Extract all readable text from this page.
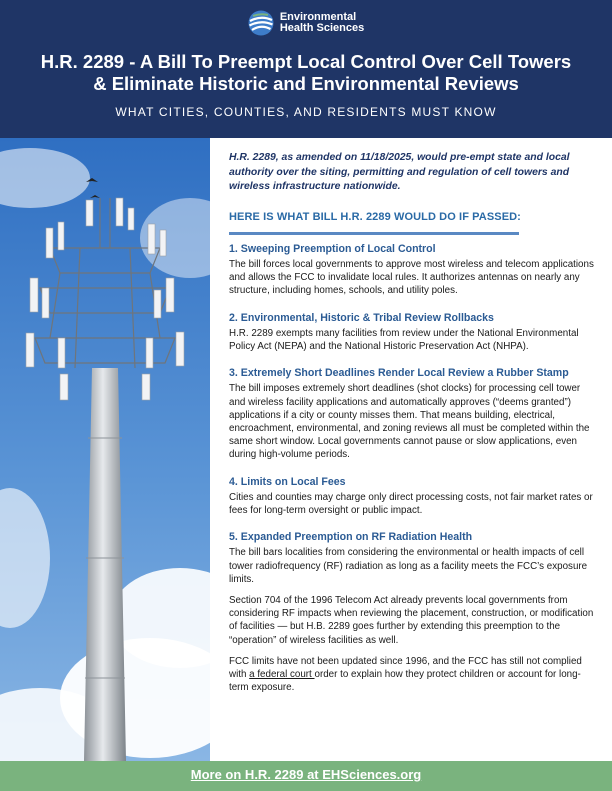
Environmental
Health Sciences
H.R. 2289 - A Bill To Preempt Local Control Over Cell Towers
& Eliminate Historic and Environmental Reviews
WHAT CITIES, COUNTIES, AND RESIDENTS MUST KNOW

H.R. 2289, as amended on 11/18/2025, would pre-empt state and local authority over the siting, permitting and regulation of cell towers and wireless infrastructure nationwide.

HERE IS WHAT BILL H.R. 2289 WOULD DO IF PASSED:
1. Sweeping Preemption of Local Control

The bill forces local governments to approve most wireless and telecom applications and allows the FCC to invalidate local rules. It authorizes antennas on nearly any structure, including homes, schools, and utility poles.

2. Environmental, Historic & Tribal Review Rollbacks

H.R. 2289 exempts many facilities from review under the National Environmental Policy Act (NEPA) and the National Historic Preservation Act (NHPA).

3. Extremely Short Deadlines Render Local Review a Rubber Stamp

The bill imposes extremely short deadlines (shot clocks) for processing cell tower and wireless facility applications and automatically approves (“deems granted”) applications if a city or county misses them. That means building, electrical, encroachment, environmental, and zoning reviews all must be completed within the same short window. Local governments cannot pause or slow applications, even during high-volume periods.

4. Limits on Local Fees

Cities and counties may charge only direct processing costs, not fair market rates or fees for long-term oversight or public impact.

5. Expanded Preemption on RF Radiation Health

The bill bars localities from considering the environmental or health impacts of cell tower radiofrequency (RF) radiation as long as a facility meets the FCC’s exposure limits.

Section 704 of the 1996 Telecom Act already prevents local governments from considering RF impacts when reviewing the placement, construction, or modification of facilities — but H.B. 2289 goes further by extending this preemption to the “operation” of wireless facilities as well.

FCC limits have not been updated since 1996, and the FCC has still not complied with a federal court order to explain how they protect children or account for long-term exposure.

More on H.R. 2289 at EHSciences.org
